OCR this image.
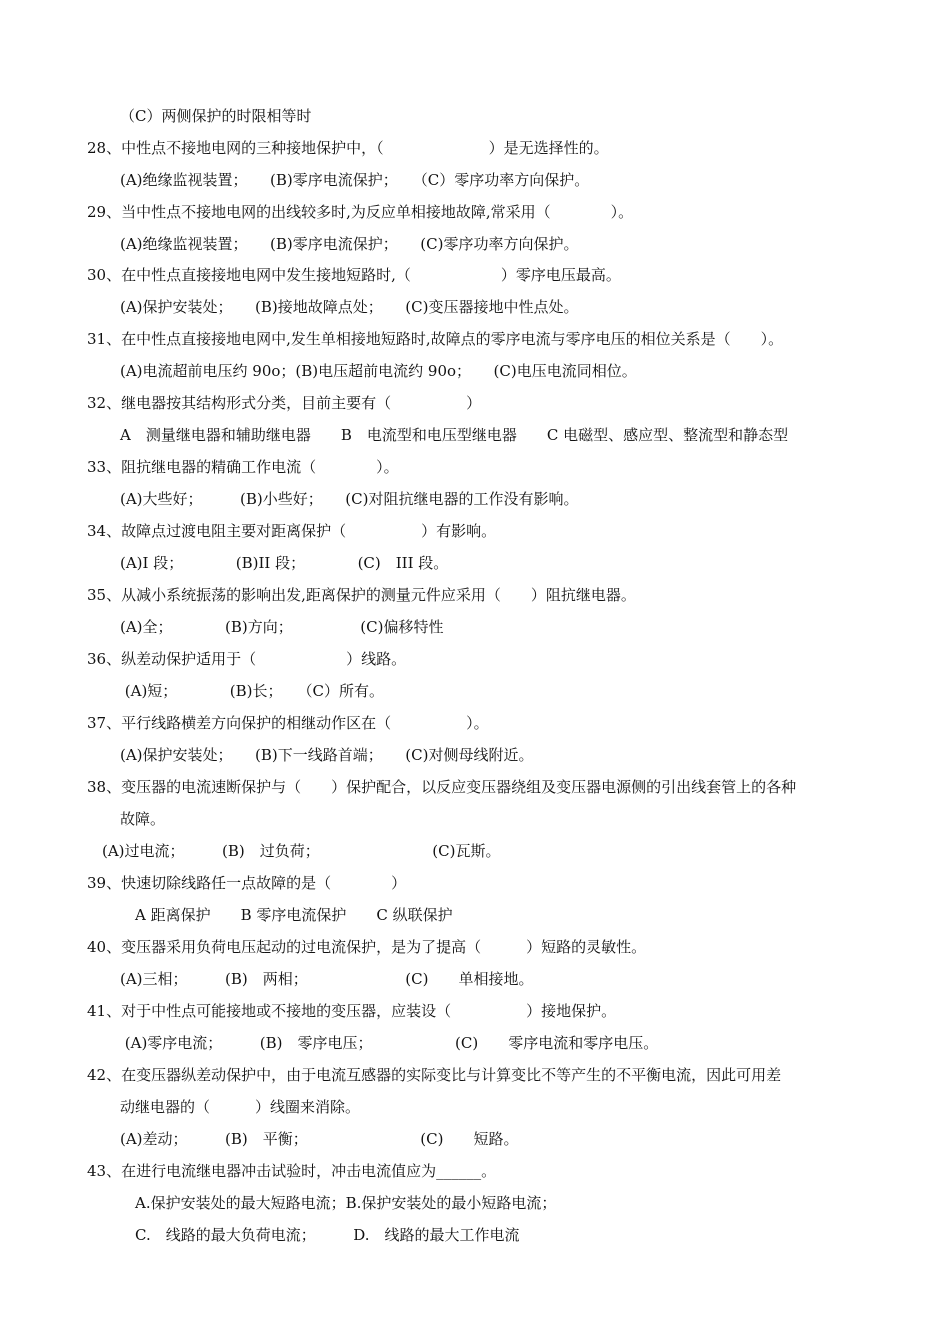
（C）两侧保护的时限相等时
28、中性点不接地电网的三种接地保护中，（　　　　　　　）是无选择性的。
(A)绝缘监视装置；　　(B)零序电流保护；　　（C）零序功率方向保护。
29、当中性点不接地电网的出线较多时,为反应单相接地故障,常采用（　　　　）。
(A)绝缘监视装置；　　(B)零序电流保护；　　(C)零序功率方向保护。
30、在中性点直接接地电网中发生接地短路时,（　　　　　　）零序电压最高。
(A)保护安装处；　　(B)接地故障点处；　　(C)变压器接地中性点处。
31、在中性点直接接地电网中,发生单相接地短路时,故障点的零序电流与零序电压的相位关系是（　　）。
(A)电流超前电压约 90o；(B)电压超前电流约 90o；　　(C)电压电流同相位。
32、继电器按其结构形式分类，目前主要有（　　　　　）
A　测量继电器和辅助继电器　　B　电流型和电压型继电器　　C 电磁型、感应型、整流型和静态型
33、阻抗继电器的精确工作电流（　　　　）。
(A)大些好；　　　(B)小些好；　　(C)对阻抗继电器的工作没有影响。
34、故障点过渡电阻主要对距离保护（　　　　　）有影响。
(A)I 段；　　　　(B)II 段；　　　　(C)　III 段。
35、从减小系统振荡的影响出发,距离保护的测量元件应采用（　　）阻抗继电器。
(A)全；　　　　(B)方向；　　　　　(C)偏移特性
36、纵差动保护适用于（　　　　　　）线路。
(A)短；　　　　(B)长；　　（C）所有。
37、平行线路横差方向保护的相继动作区在（　　　　　）。
(A)保护安装处；　　(B)下一线路首端；　　(C)对侧母线附近。
38、变压器的电流速断保护与（　　）保护配合，以反应变压器绕组及变压器电源侧的引出线套管上的各种
故障。
　(A)过电流；　　　(B)　过负荷；　　　　　　　　(C)瓦斯。
39、快速切除线路任一点故障的是（　　　　）
　A 距离保护　　B 零序电流保护　　C 纵联保护
40、变压器采用负荷电压起动的过电流保护，是为了提高（　　　）短路的灵敏性。
(A)三相；　　　(B)　两相；　　　　　　　(C)　　单相接地。
41、对于中性点可能接地或不接地的变压器，应装设（　　　　　）接地保护。
(A)零序电流；　　　(B)　零序电压；　　　　　　(C)　　零序电流和零序电压。
42、在变压器纵差动保护中，由于电流互感器的实际变比与计算变比不等产生的不平衡电流，因此可用差
动继电器的（　　　）线圈来消除。
(A)差动；　　　(B)　平衡；　　　　　　　　(C)　　短路。
43、在进行电流继电器冲击试验时，冲击电流值应为______。
　A.保护安装处的最大短路电流；B.保护安装处的最小短路电流；
　C.　线路的最大负荷电流；　　　D.　线路的最大工作电流
